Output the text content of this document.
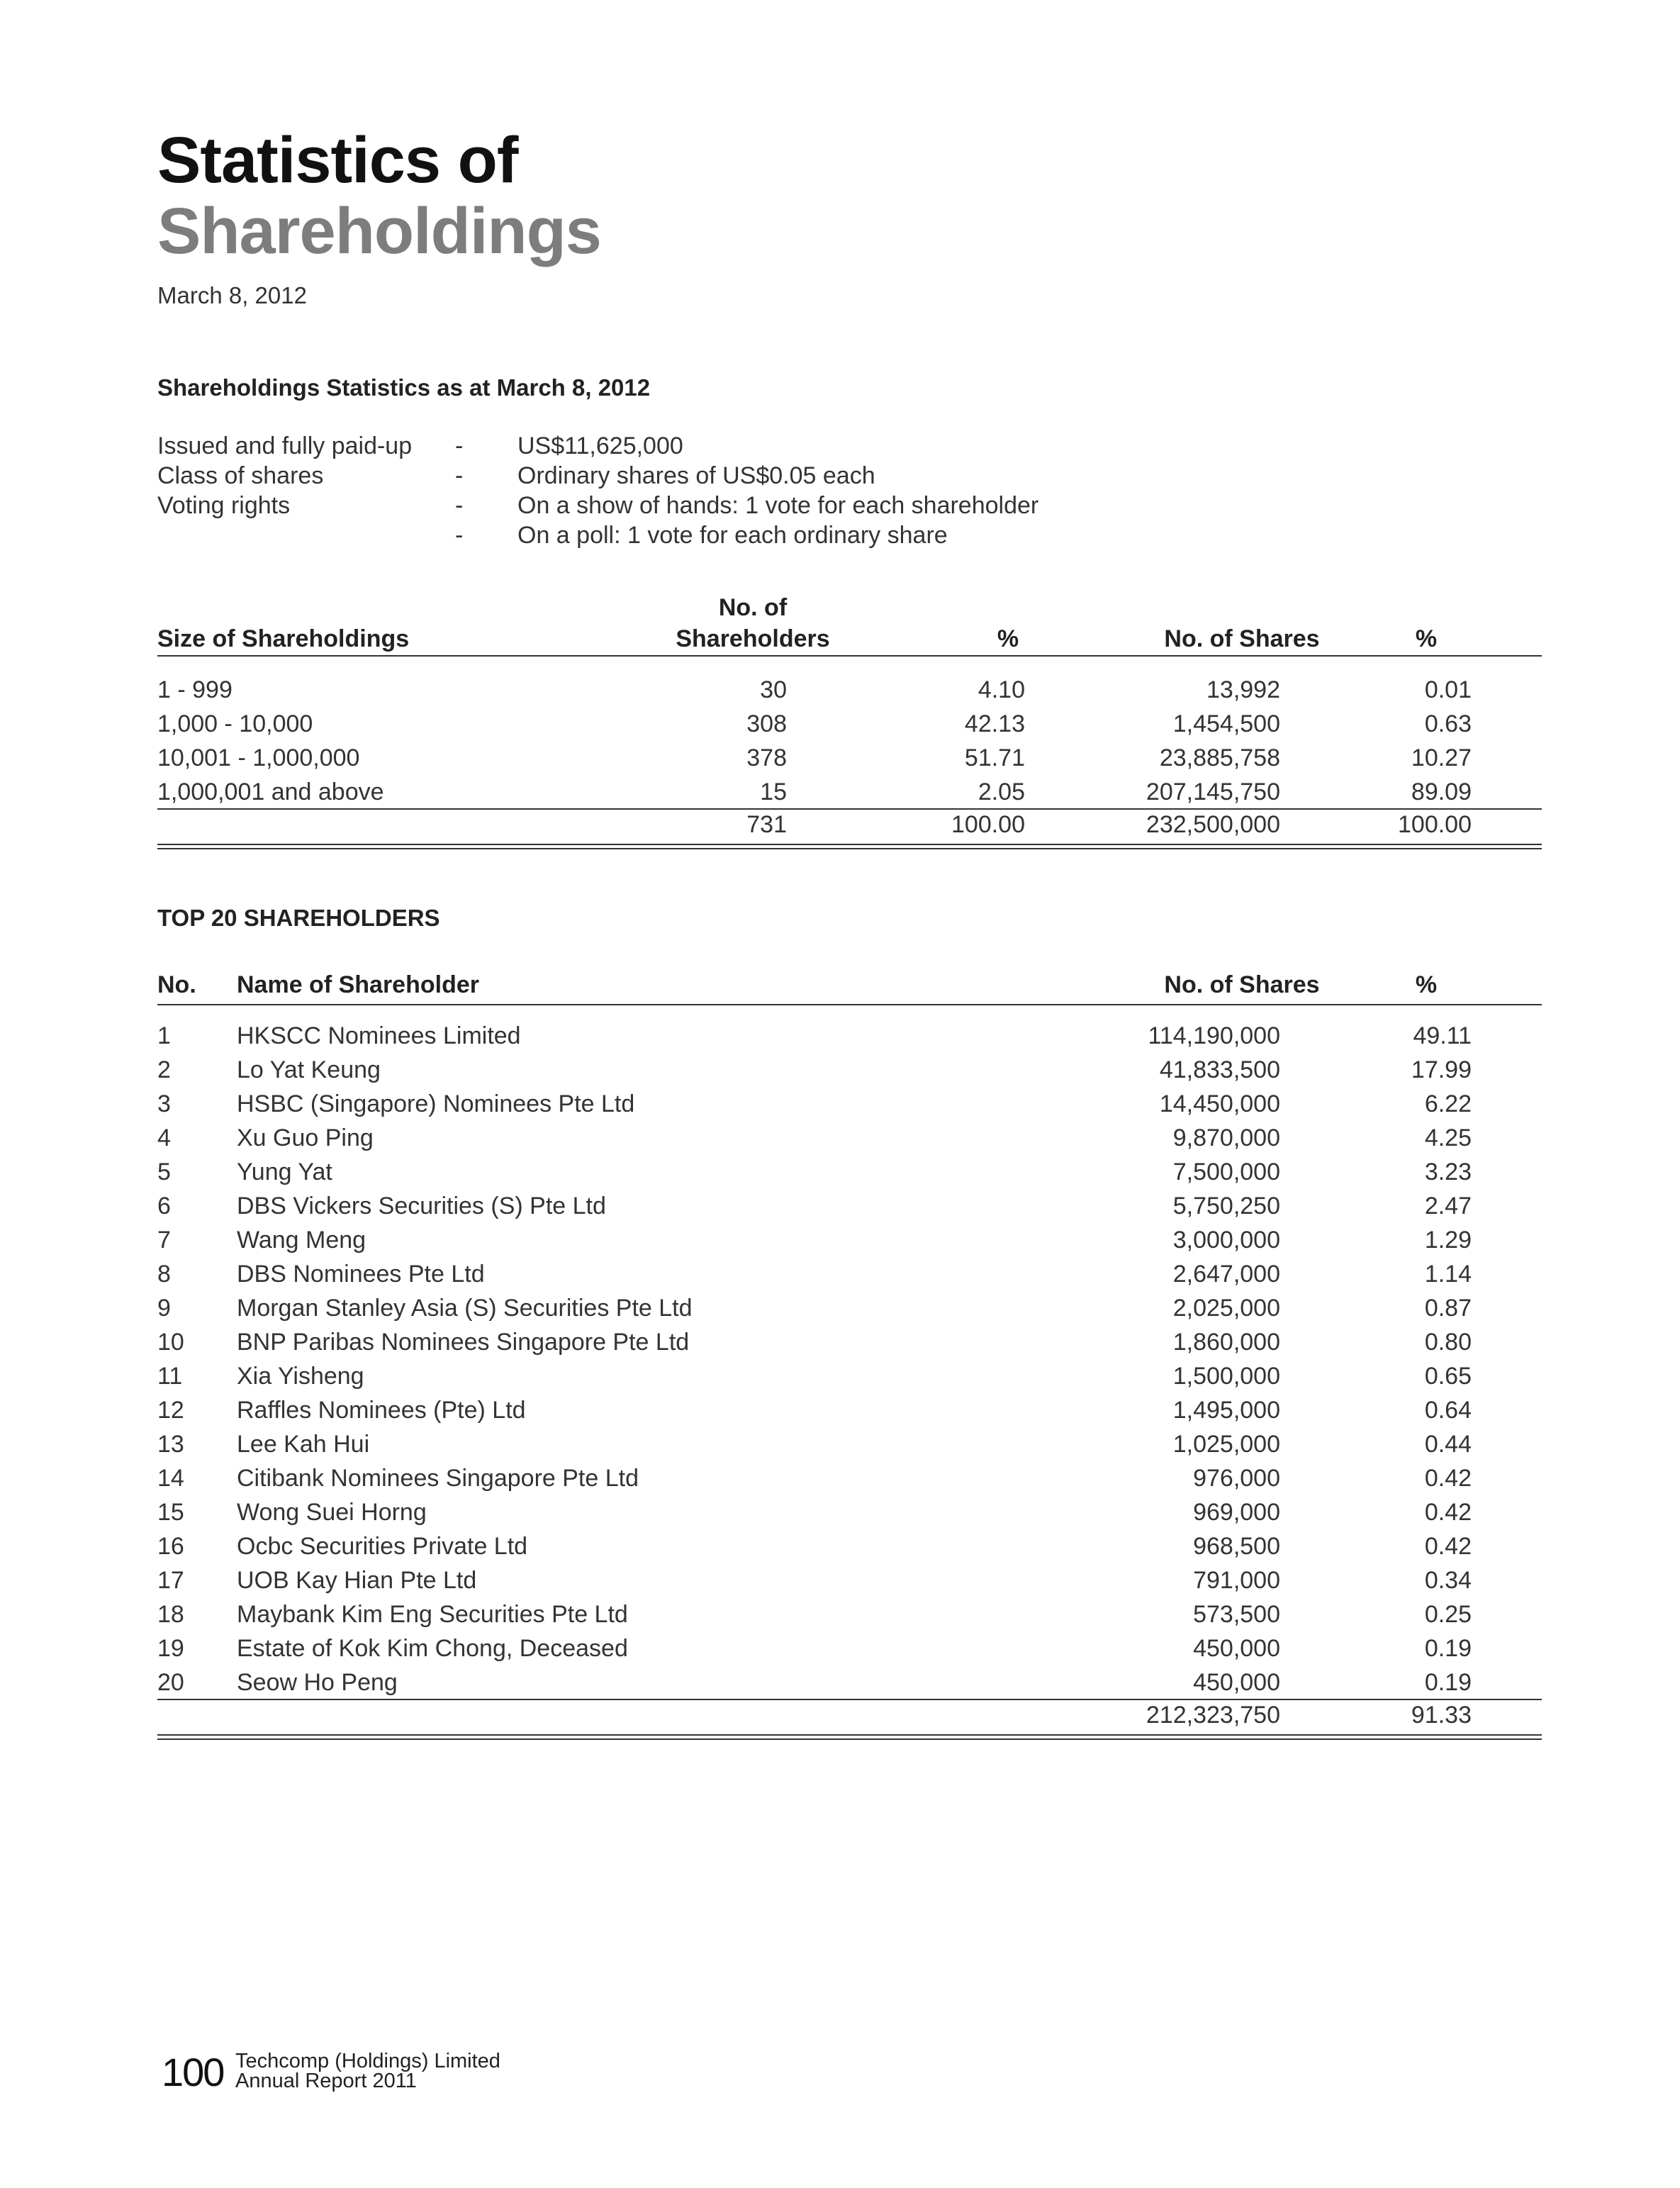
Statistics of
Shareholdings
March 8, 2012
Shareholdings Statistics as at March 8, 2012
Issued and fully paid-up - US$11,625,000
Class of shares	- Ordinary shares of US$0.05 each
Voting rights	- On a show of hands: 1 vote for each shareholder
- On a poll: 1 vote for each ordinary share
Size of Shareholdings
No. of
Shareholders	%	No. of Shares	%
1 - 999	30	4.10	13,992	0.01
1,000 - 10,000	308	42.13	1,454,500	0.63
10,001 - 1,000,000	378	51.71	23,885,758	10.27
1,000,001 and above	15	2.05	207,145,750	89.09
731	100.00	232,500,000	100.00
TOP 20 SHAREHOLDERS
No. Name of Shareholder	No. of Shares	%
1	HKSCC Nominees Limited	114,190,000	49.11
2	Lo Yat Keung	41,833,500	17.99
3	HSBC (Singapore) Nominees Pte Ltd	14,450,000	6.22
4	Xu Guo Ping	9,870,000	4.25
5	Yung Yat	7,500,000	3.23
6	DBS Vickers Securities (S) Pte Ltd	5,750,250	2.47
7	Wang Meng	3,000,000	1.29
8	DBS Nominees Pte Ltd	2,647,000	1.14
9	Morgan Stanley Asia (S) Securities Pte Ltd	2,025,000	0.87
10 BNP Paribas Nominees Singapore Pte Ltd	1,860,000	0.80
11 Xia Yisheng	1,500,000	0.65
12 Raffles Nominees (Pte) Ltd	1,495,000	0.64
13 Lee Kah Hui	1,025,000	0.44
14 Citibank Nominees Singapore Pte Ltd	976,000	0.42
15 Wong Suei Horng	969,000	0.42
16 Ocbc Securities Private Ltd	968,500	0.42
17 UOB Kay Hian Pte Ltd	791,000	0.34
18 Maybank Kim Eng Securities Pte Ltd	573,500	0.25
19 Estate of Kok Kim Chong, Deceased	450,000	0.19
20 Seow Ho Peng	450,000	0.19
212,323,750	91.33
100 Techcomp (Holdings) Limited
Annual Report 2011
